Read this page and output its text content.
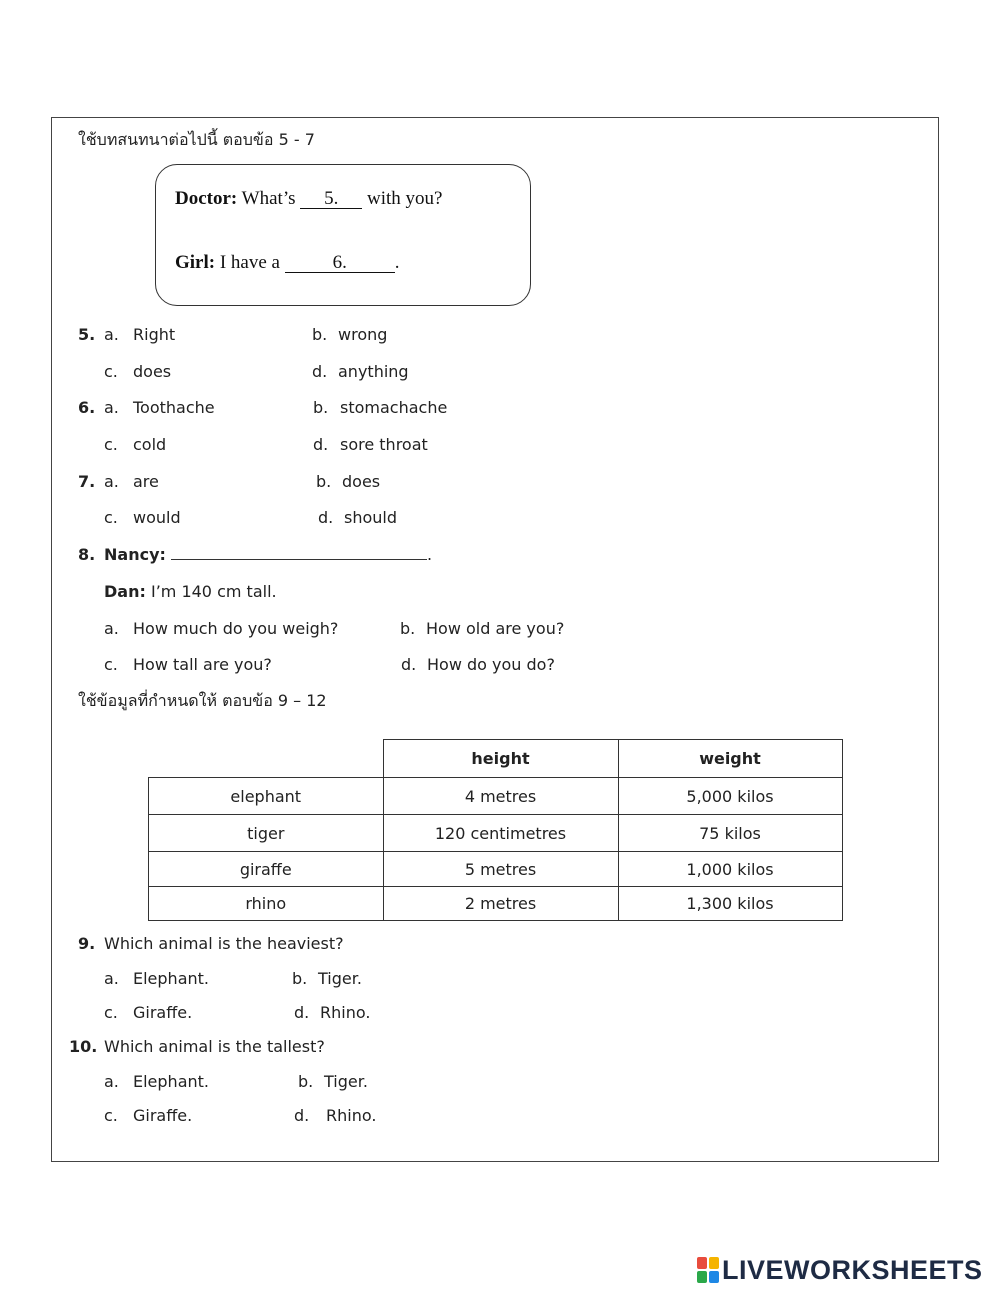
ใช้บทสนทนาต่อไปนี้ ตอบข้อ 5 - 7
Doctor: What’s 5. with you?
Girl: I have a	6.	.
5. a. Right	b. wrong
c. does	d. anything
6. a. Toothache	b. stomachache
c. cold	d. sore throat
7. a. are	b. does
c. would	d. should
8. Nancy:	.
Dan: I’m 140 cm tall.
a. How much do you weigh?	b. How old are you?
c. How tall are you?	d. How do you do?
ใช้ข้อมูลที่กำหนดให้ ตอบข้อ 9 – 12
	height	weight
elephant	4 metres	5,000 kilos
tiger	120 centimetres	75 kilos
giraffe	5 metres	1,000 kilos
rhino	2 metres	1,300 kilos
9. Which animal is the heaviest?
a. Elephant.	b. Tiger.
c. Giraffe.	d. Rhino.
10. Which animal is the tallest?
a. Elephant.	b. Tiger.
c. Giraffe.	d. Rhino.
LIVEWORKSHEETS
